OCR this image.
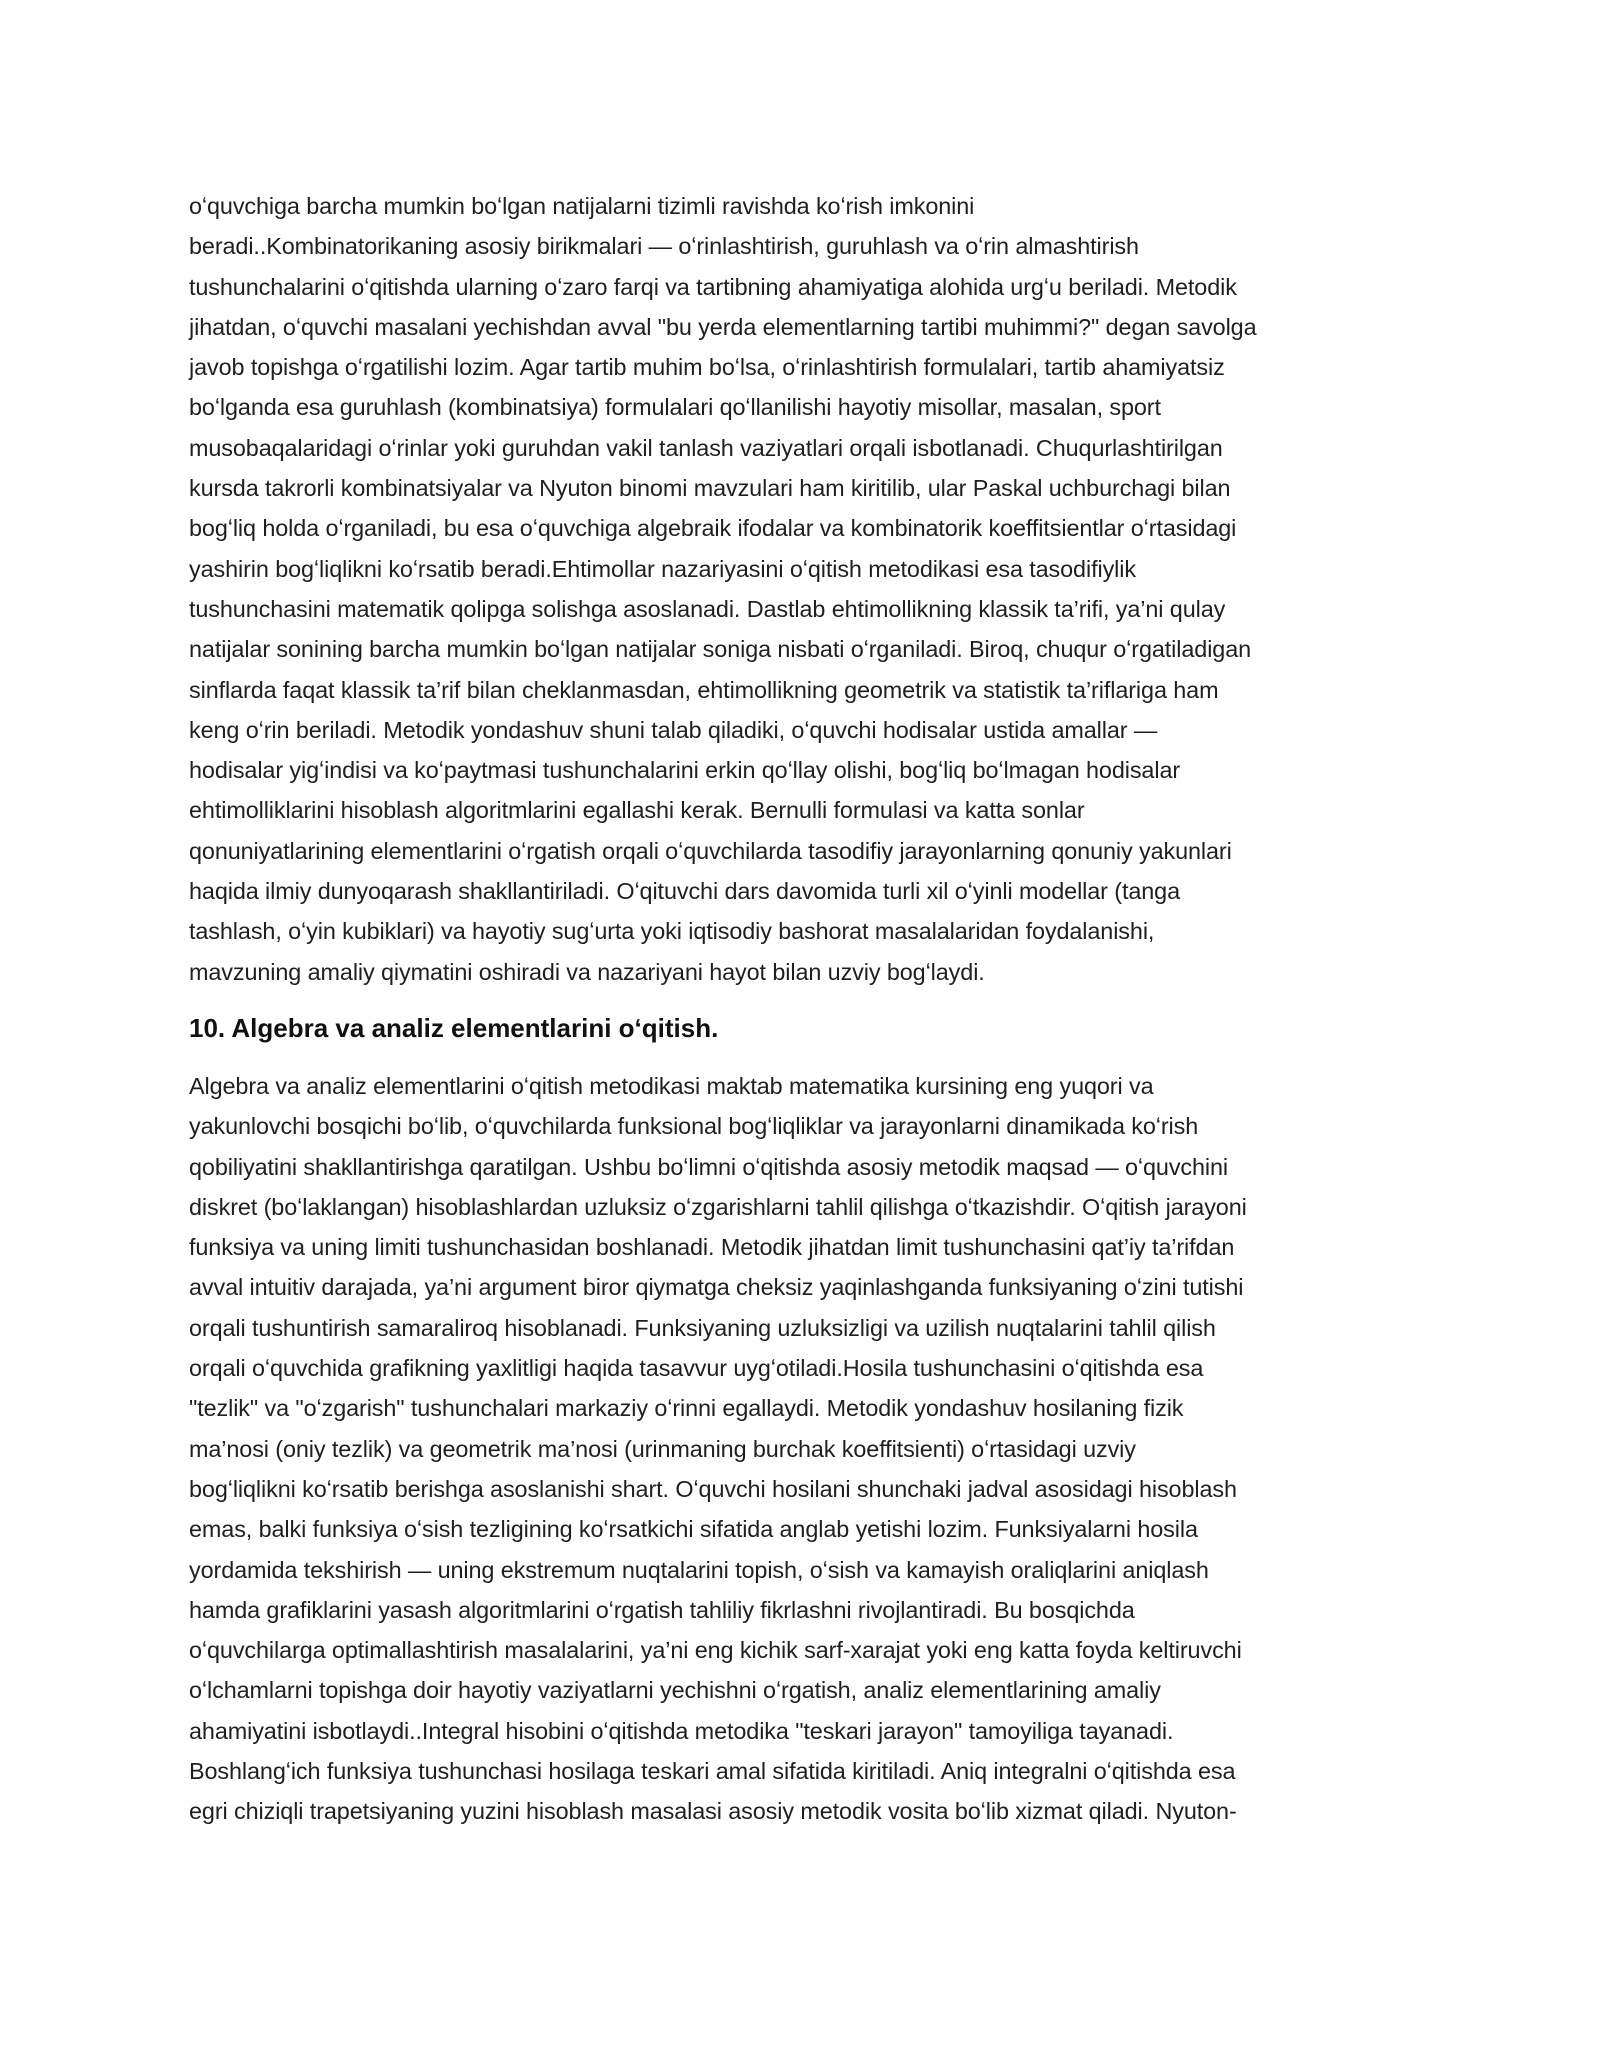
oʻquvchiga barcha mumkin boʻlgan natijalarni tizimli ravishda koʻrish imkonini
beradi..Kombinatorikaning asosiy birikmalari — oʻrinlashtirish, guruhlash va oʻrin almashtirish
tushunchalarini oʻqitishda ularning oʻzaro farqi va tartibning ahamiyatiga alohida urgʻu beriladi. Metodik
jihatdan, oʻquvchi masalani yechishdan avval "bu yerda elementlarning tartibi muhimmi?" degan savolga
javob topishga oʻrgatilishi lozim. Agar tartib muhim boʻlsa, oʻrinlashtirish formulalari, tartib ahamiyatsiz
boʻlganda esa guruhlash (kombinatsiya) formulalari qoʻllanilishi hayotiy misollar, masalan, sport
musobaqalaridagi oʻrinlar yoki guruhdan vakil tanlash vaziyatlari orqali isbotlanadi. Chuqurlashtirilgan
kursda takrorli kombinatsiyalar va Nyuton binomi mavzulari ham kiritilib, ular Paskal uchburchagi bilan
bogʻliq holda oʻrganiladi, bu esa oʻquvchiga algebraik ifodalar va kombinatorik koeffitsientlar oʻrtasidagi
yashirin bogʻliqlikni koʻrsatib beradi.Ehtimollar nazariyasini oʻqitish metodikasi esa tasodifiylik
tushunchasini matematik qolipga solishga asoslanadi. Dastlab ehtimollikning klassik ta’rifi, ya’ni qulay
natijalar sonining barcha mumkin boʻlgan natijalar soniga nisbati oʻrganiladi. Biroq, chuqur oʻrgatiladigan
sinflarda faqat klassik ta’rif bilan cheklanmasdan, ehtimollikning geometrik va statistik ta’riflariga ham
keng oʻrin beriladi. Metodik yondashuv shuni talab qiladiki, oʻquvchi hodisalar ustida amallar —
hodisalar yigʻindisi va koʻpaytmasi tushunchalarini erkin qoʻllay olishi, bogʻliq boʻlmagan hodisalar
ehtimolliklarini hisoblash algoritmlarini egallashi kerak. Bernulli formulasi va katta sonlar
qonuniyatlarining elementlarini oʻrgatish orqali oʻquvchilarda tasodifiy jarayonlarning qonuniy yakunlari
haqida ilmiy dunyoqarash shakllantiriladi. Oʻqituvchi dars davomida turli xil oʻyinli modellar (tanga
tashlash, oʻyin kubiklari) va hayotiy sugʻurta yoki iqtisodiy bashorat masalalaridan foydalanishi,
mavzuning amaliy qiymatini oshiradi va nazariyani hayot bilan uzviy bogʻlaydi.

10. Algebra va analiz elementlarini oʻqitish.

Algebra va analiz elementlarini oʻqitish metodikasi maktab matematika kursining eng yuqori va
yakunlovchi bosqichi boʻlib, oʻquvchilarda funksional bogʻliqliklar va jarayonlarni dinamikada koʻrish
qobiliyatini shakllantirishga qaratilgan. Ushbu boʻlimni oʻqitishda asosiy metodik maqsad — oʻquvchini
diskret (boʻlaklangan) hisoblashlardan uzluksiz oʻzgarishlarni tahlil qilishga oʻtkazishdir. Oʻqitish jarayoni
funksiya va uning limiti tushunchasidan boshlanadi. Metodik jihatdan limit tushunchasini qat’iy ta’rifdan
avval intuitiv darajada, ya’ni argument biror qiymatga cheksiz yaqinlashganda funksiyaning oʻzini tutishi
orqali tushuntirish samaraliroq hisoblanadi. Funksiyaning uzluksizligi va uzilish nuqtalarini tahlil qilish
orqali oʻquvchida grafikning yaxlitligi haqida tasavvur uygʻotiladi.Hosila tushunchasini oʻqitishda esa
"tezlik" va "oʻzgarish" tushunchalari markaziy oʻrinni egallaydi. Metodik yondashuv hosilaning fizik
ma’nosi (oniy tezlik) va geometrik ma’nosi (urinmaning burchak koeffitsienti) oʻrtasidagi uzviy
bogʻliqlikni koʻrsatib berishga asoslanishi shart. Oʻquvchi hosilani shunchaki jadval asosidagi hisoblash
emas, balki funksiya oʻsish tezligining koʻrsatkichi sifatida anglab yetishi lozim. Funksiyalarni hosila
yordamida tekshirish — uning ekstremum nuqtalarini topish, oʻsish va kamayish oraliqlarini aniqlash
hamda grafiklarini yasash algoritmlarini oʻrgatish tahliliy fikrlashni rivojlantiradi. Bu bosqichda
oʻquvchilarga optimallashtirish masalalarini, ya’ni eng kichik sarf-xarajat yoki eng katta foyda keltiruvchi
oʻlchamlarni topishga doir hayotiy vaziyatlarni yechishni oʻrgatish, analiz elementlarining amaliy
ahamiyatini isbotlaydi..Integral hisobini oʻqitishda metodika "teskari jarayon" tamoyiliga tayanadi.
Boshlangʻich funksiya tushunchasi hosilaga teskari amal sifatida kiritiladi. Aniq integralni oʻqitishda esa
egri chiziqli trapetsiyaning yuzini hisoblash masalasi asosiy metodik vosita boʻlib xizmat qiladi. Nyuton-
